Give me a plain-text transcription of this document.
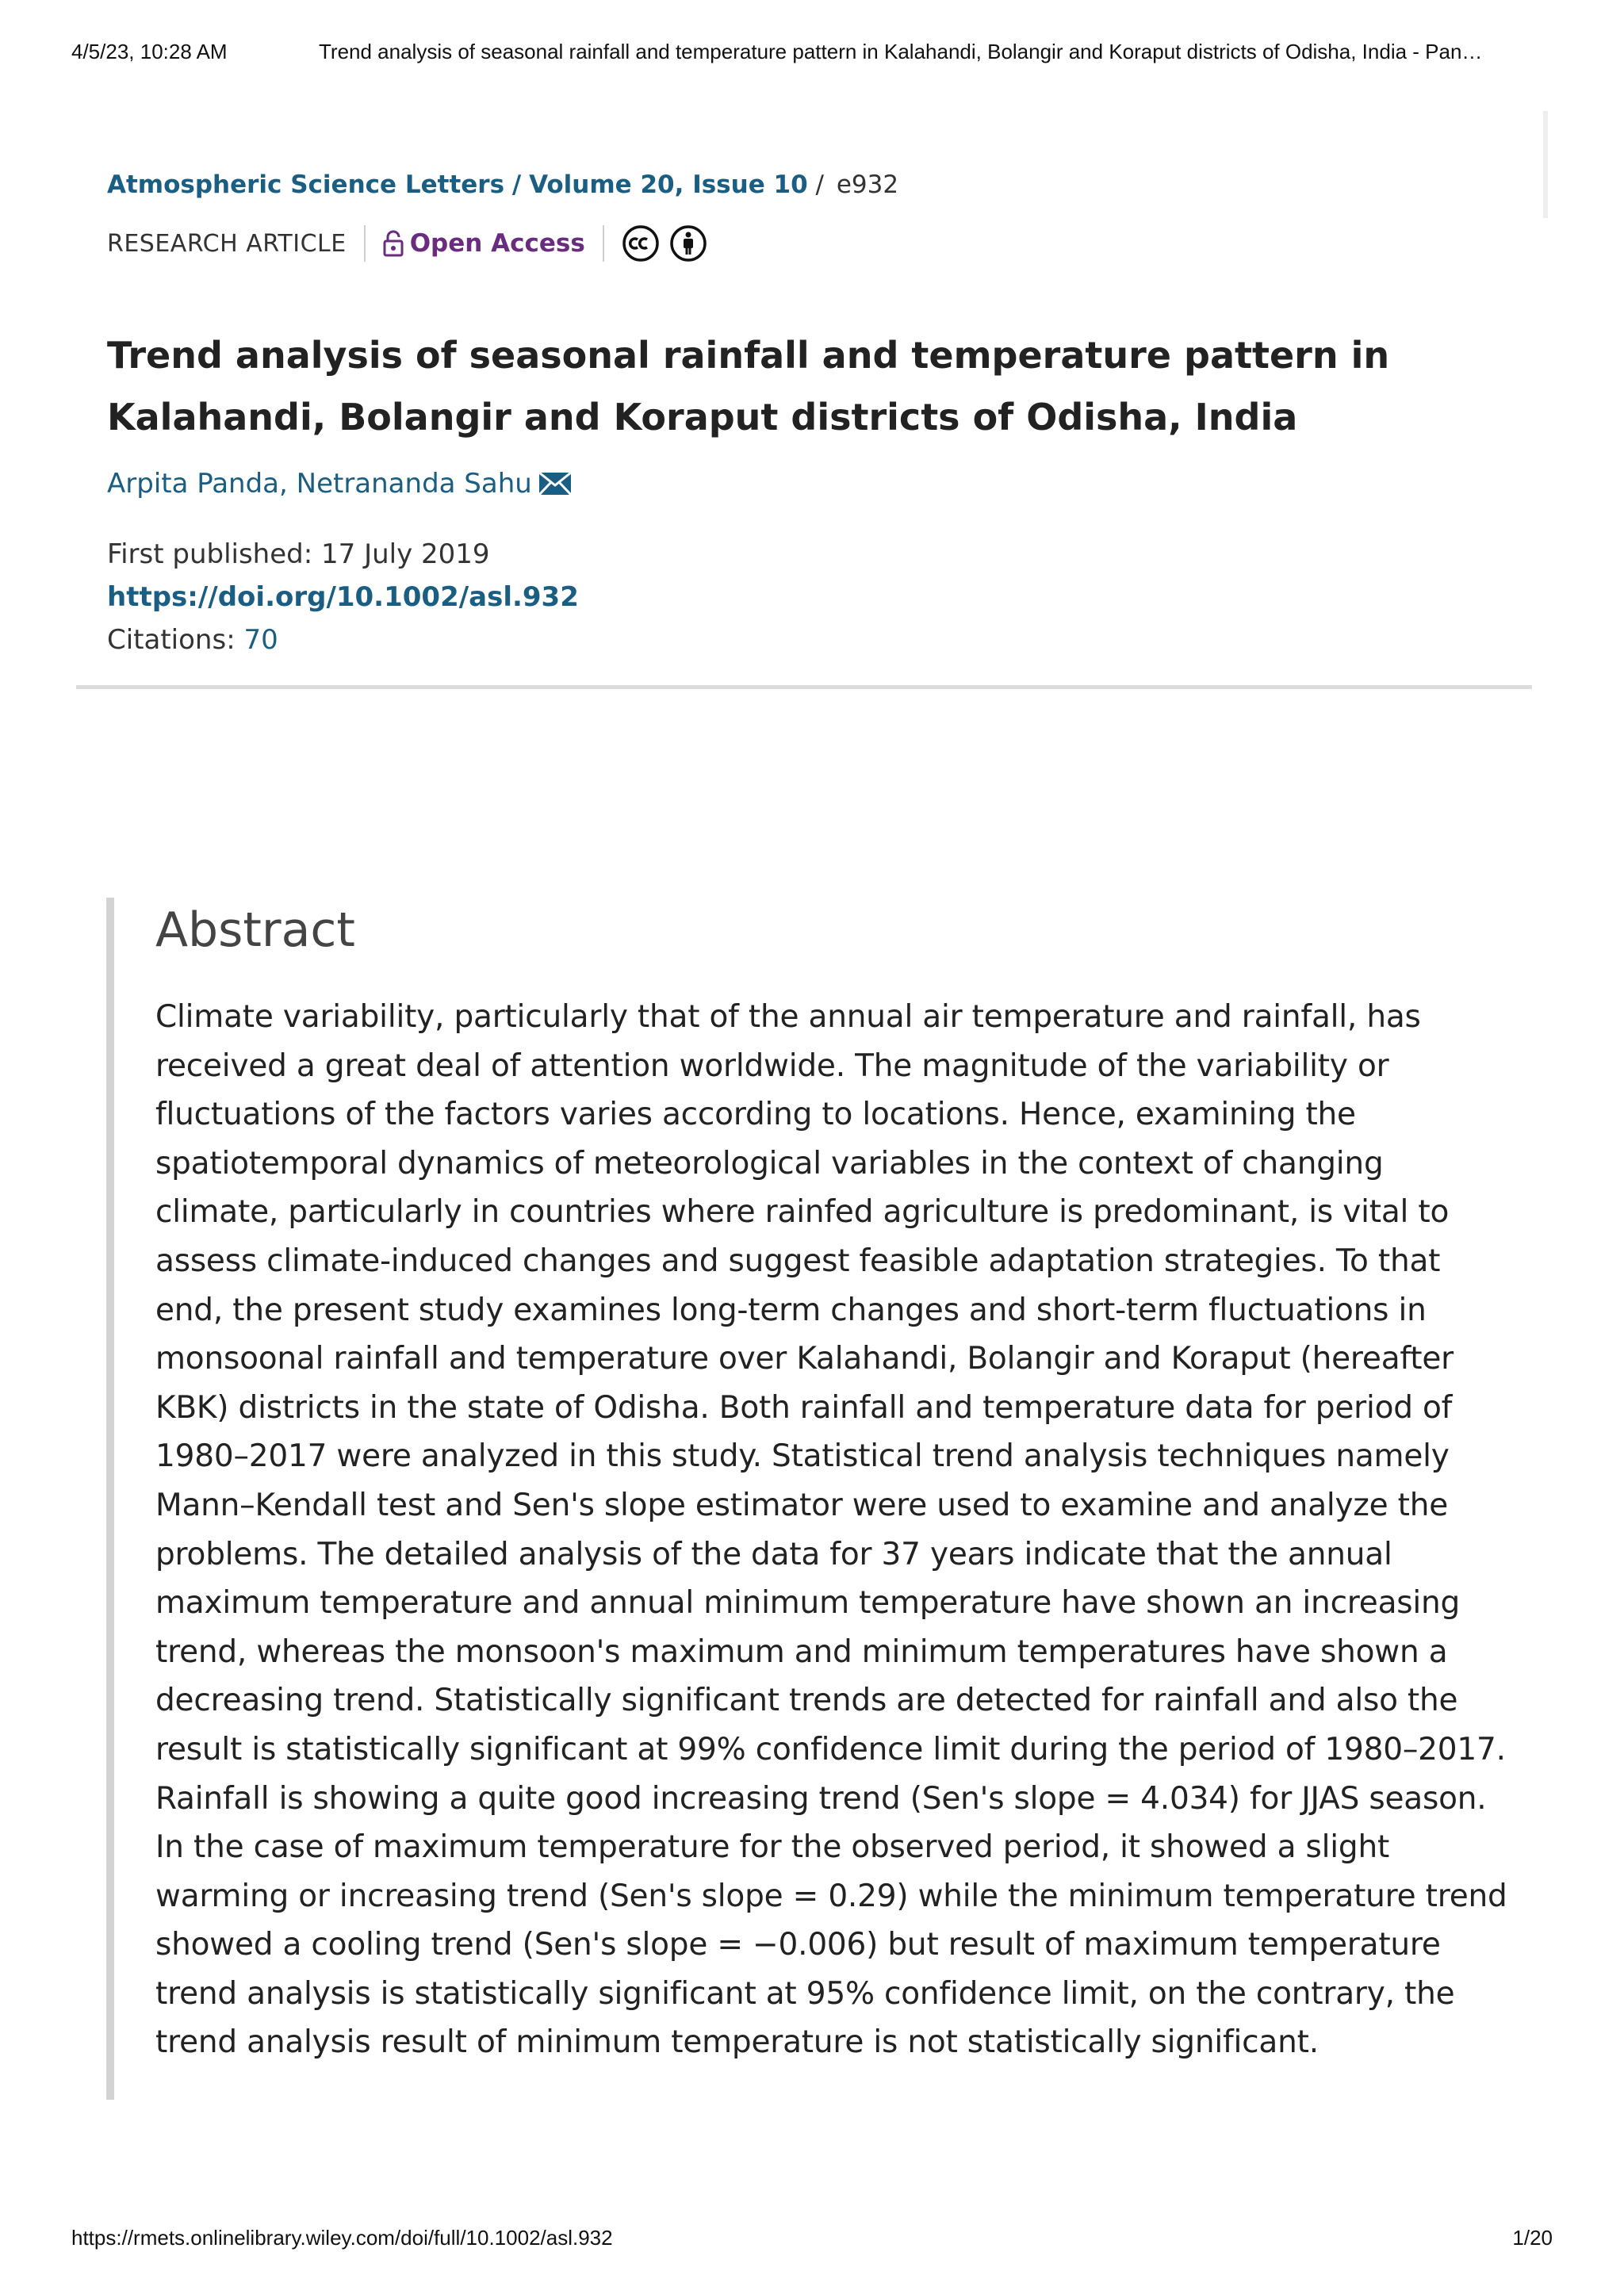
4/5/23, 10:28 AM	Trend analysis of seasonal rainfall and temperature pattern in Kalahandi, Bolangir and Koraput districts of Odisha, India - Pan…
Atmospheric Science Letters / Volume 20, Issue 10 / e932
RESEARCH ARTICLE	Open Access
Trend analysis of seasonal rainfall and temperature pattern in Kalahandi, Bolangir and Koraput districts of Odisha, India
Arpita Panda , Netrananda Sahu
First published: 17 July 2019
https://doi.org/10.1002/asl.932
Citations: 70
Abstract

Climate variability, particularly that of the annual air temperature and rainfall, has received a great deal of attention worldwide. The magnitude of the variability or fluctuations of the factors varies according to locations. Hence, examining the spatiotemporal dynamics of meteorological variables in the context of changing climate, particularly in countries where rainfed agriculture is predominant, is vital to assess climate-induced changes and suggest feasible adaptation strategies. To that end, the present study examines long-term changes and short-term fluctuations in monsoonal rainfall and temperature over Kalahandi, Bolangir and Koraput (hereafter KBK) districts in the state of Odisha. Both rainfall and temperature data for period of 1980–2017 were analyzed in this study. Statistical trend analysis techniques namely Mann–Kendall test and Sen's slope estimator were used to examine and analyze the problems. The detailed analysis of the data for 37 years indicate that the annual maximum temperature and annual minimum temperature have shown an increasing trend, whereas the monsoon's maximum and minimum temperatures have shown a decreasing trend. Statistically significant trends are detected for rainfall and also the result is statistically significant at 99% confidence limit during the period of 1980–2017. Rainfall is showing a quite good increasing trend (Sen's slope = 4.034) for JJAS season. In the case of maximum temperature for the observed period, it showed a slight warming or increasing trend (Sen's slope = 0.29) while the minimum temperature trend showed a cooling trend (Sen's slope = −0.006) but result of maximum temperature trend analysis is statistically significant at 95% confidence limit, on the contrary, the trend analysis result of minimum temperature is not statistically significant.

https://rmets.onlinelibrary.wiley.com/doi/full/10.1002/asl.932	1/20
